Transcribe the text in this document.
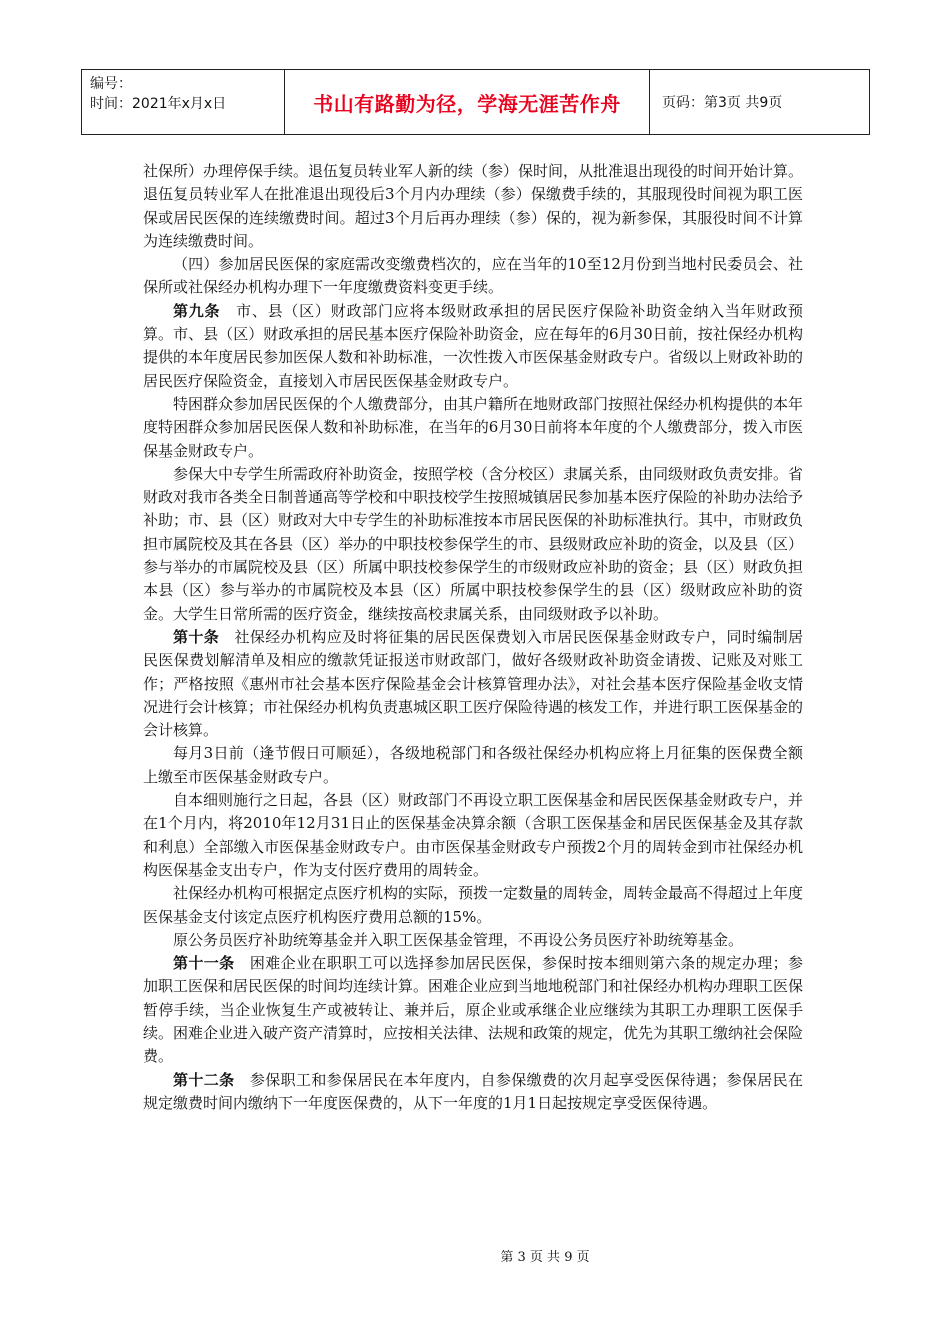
编号：
时间：2021年x月x日	书山有路勤为径，学海无涯苦作舟	页码：第3页 共9页

社保所）办理停保手续。退伍复员转业军人新的续（参）保时间，从批准退出现役的时间开始计算。退伍复员转业军人在批准退出现役后3个月内办理续（参）保缴费手续的，其服现役时间视为职工医保或居民医保的连续缴费时间。超过3个月后再办理续（参）保的，视为新参保，其服役时间不计算为连续缴费时间。

（四）参加居民医保的家庭需改变缴费档次的，应在当年的10至12月份到当地村民委员会、社保所或社保经办机构办理下一年度缴费资料变更手续。

第九条　市、县（区）财政部门应将本级财政承担的居民医疗保险补助资金纳入当年财政预算。市、县（区）财政承担的居民基本医疗保险补助资金，应在每年的6月30日前，按社保经办机构提供的本年度居民参加医保人数和补助标准，一次性拨入市医保基金财政专户。省级以上财政补助的居民医疗保险资金，直接划入市居民医保基金财政专户。

特困群众参加居民医保的个人缴费部分，由其户籍所在地财政部门按照社保经办机构提供的本年度特困群众参加居民医保人数和补助标准，在当年的6月30日前将本年度的个人缴费部分，拨入市医保基金财政专户。

参保大中专学生所需政府补助资金，按照学校（含分校区）隶属关系，由同级财政负责安排。省财政对我市各类全日制普通高等学校和中职技校学生按照城镇居民参加基本医疗保险的补助办法给予补助；市、县（区）财政对大中专学生的补助标准按本市居民医保的补助标准执行。其中，市财政负担市属院校及其在各县（区）举办的中职技校参保学生的市、县级财政应补助的资金，以及县（区）参与举办的市属院校及县（区）所属中职技校参保学生的市级财政应补助的资金；县（区）财政负担本县（区）参与举办的市属院校及本县（区）所属中职技校参保学生的县（区）级财政应补助的资金。大学生日常所需的医疗资金，继续按高校隶属关系，由同级财政予以补助。

第十条　社保经办机构应及时将征集的居民医保费划入市居民医保基金财政专户，同时编制居民医保费划解清单及相应的缴款凭证报送市财政部门，做好各级财政补助资金请拨、记账及对账工作；严格按照《惠州市社会基本医疗保险基金会计核算管理办法》，对社会基本医疗保险基金收支情况进行会计核算；市社保经办机构负责惠城区职工医疗保险待遇的核发工作，并进行职工医保基金的会计核算。

每月3日前（逢节假日可顺延），各级地税部门和各级社保经办机构应将上月征集的医保费全额上缴至市医保基金财政专户。

自本细则施行之日起，各县（区）财政部门不再设立职工医保基金和居民医保基金财政专户，并在1个月内，将2010年12月31日止的医保基金决算余额（含职工医保基金和居民医保基金及其存款和利息）全部缴入市医保基金财政专户。由市医保基金财政专户预拨2个月的周转金到市社保经办机构医保基金支出专户，作为支付医疗费用的周转金。

社保经办机构可根据定点医疗机构的实际，预拨一定数量的周转金，周转金最高不得超过上年度医保基金支付该定点医疗机构医疗费用总额的15%。

原公务员医疗补助统筹基金并入职工医保基金管理，不再设公务员医疗补助统筹基金。

第十一条　困难企业在职职工可以选择参加居民医保，参保时按本细则第六条的规定办理；参加职工医保和居民医保的时间均连续计算。困难企业应到当地地税部门和社保经办机构办理职工医保暂停手续，当企业恢复生产或被转让、兼并后，原企业或承继企业应继续为其职工办理职工医保手续。困难企业进入破产资产清算时，应按相关法律、法规和政策的规定，优先为其职工缴纳社会保险费。

第十二条　参保职工和参保居民在本年度内，自参保缴费的次月起享受医保待遇；参保居民在规定缴费时间内缴纳下一年度医保费的，从下一年度的1月1日起按规定享受医保待遇。

第 3 页 共 9 页
